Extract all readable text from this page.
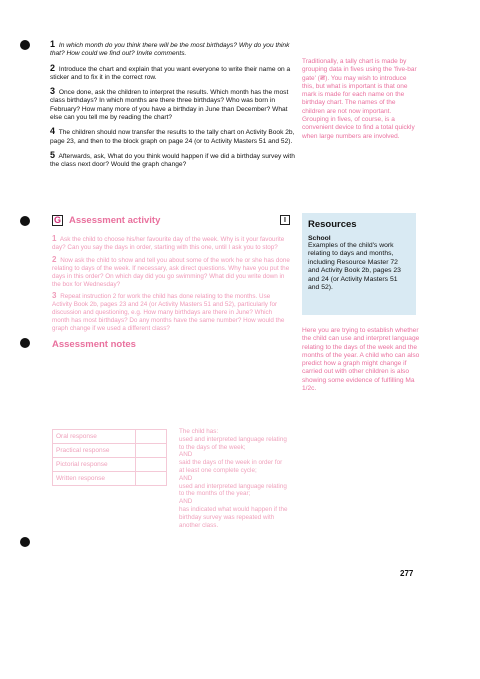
1 In which month do you think there will be the most birthdays? Why do you think that? How could we find out? Invite comments.

2 Introduce the chart and explain that you want everyone to write their name on a sticker and to fix it in the correct row.

3 Once done, ask the children to interpret the results. Which month has the most class birthdays? In which months are there three birthdays? Who was born in February? How many more of you have a birthday in June than December? What else can you tell me by reading the chart?

4 The children should now transfer the results to the tally chart on Activity Book 2b, page 23, and then to the block graph on page 24 (or to Activity Masters 51 and 52).

5 Afterwards, ask, What do you think would happen if we did a birthday survey with the class next door? Would the graph change?

Traditionally, a tally chart is made by grouping data in fives using the 'five-bar gate' (𝍸). You may wish to introduce this, but what is important is that one mark is made for each name on the birthday chart. The names of the children are not now important. Grouping in fives, of course, is a convenient device to find a total quickly when large numbers are involved.
G Assessment activity	I

1 Ask the child to choose his/her favourite day of the week. Why is it your favourite day? Can you say the days in order, starting with this one, until I ask you to stop?

2 Now ask the child to show and tell you about some of the work he or she has done relating to days of the week. If necessary, ask direct questions. Why have you put the days in this order? On which day did you go swimming? What did you write down in the box for Wednesday?

3 Repeat instruction 2 for work the child has done relating to the months. Use Activity Book 2b, pages 23 and 24 (or Activity Masters 51 and 52), particularly for discussion and questioning, e.g. How many birthdays are there in June? Which month has most birthdays? Do any months have the same number? How would the graph change if we used a different class?

Assessment notes
Oral response	
Practical response	
Pictorial response	
Written response	

The child has:

used and interpreted language relating to the days of the week;

AND

said the days of the week in order for at least one complete cycle;

AND

used and interpreted language relating to the months of the year;

AND

has indicated what would happen if the birthday survey was repeated with another class.

Resources
School
Examples of the child's work relating to days and months, including Resource Master 72 and Activity Book 2b, pages 23 and 24 (or Activity Masters 51 and 52).
Here you are trying to establish whether the child can use and interpret language relating to the days of the week and the months of the year. A child who can also predict how a graph might change if carried out with other children is also showing some evidence of fulfilling Ma 1/2c.
277
